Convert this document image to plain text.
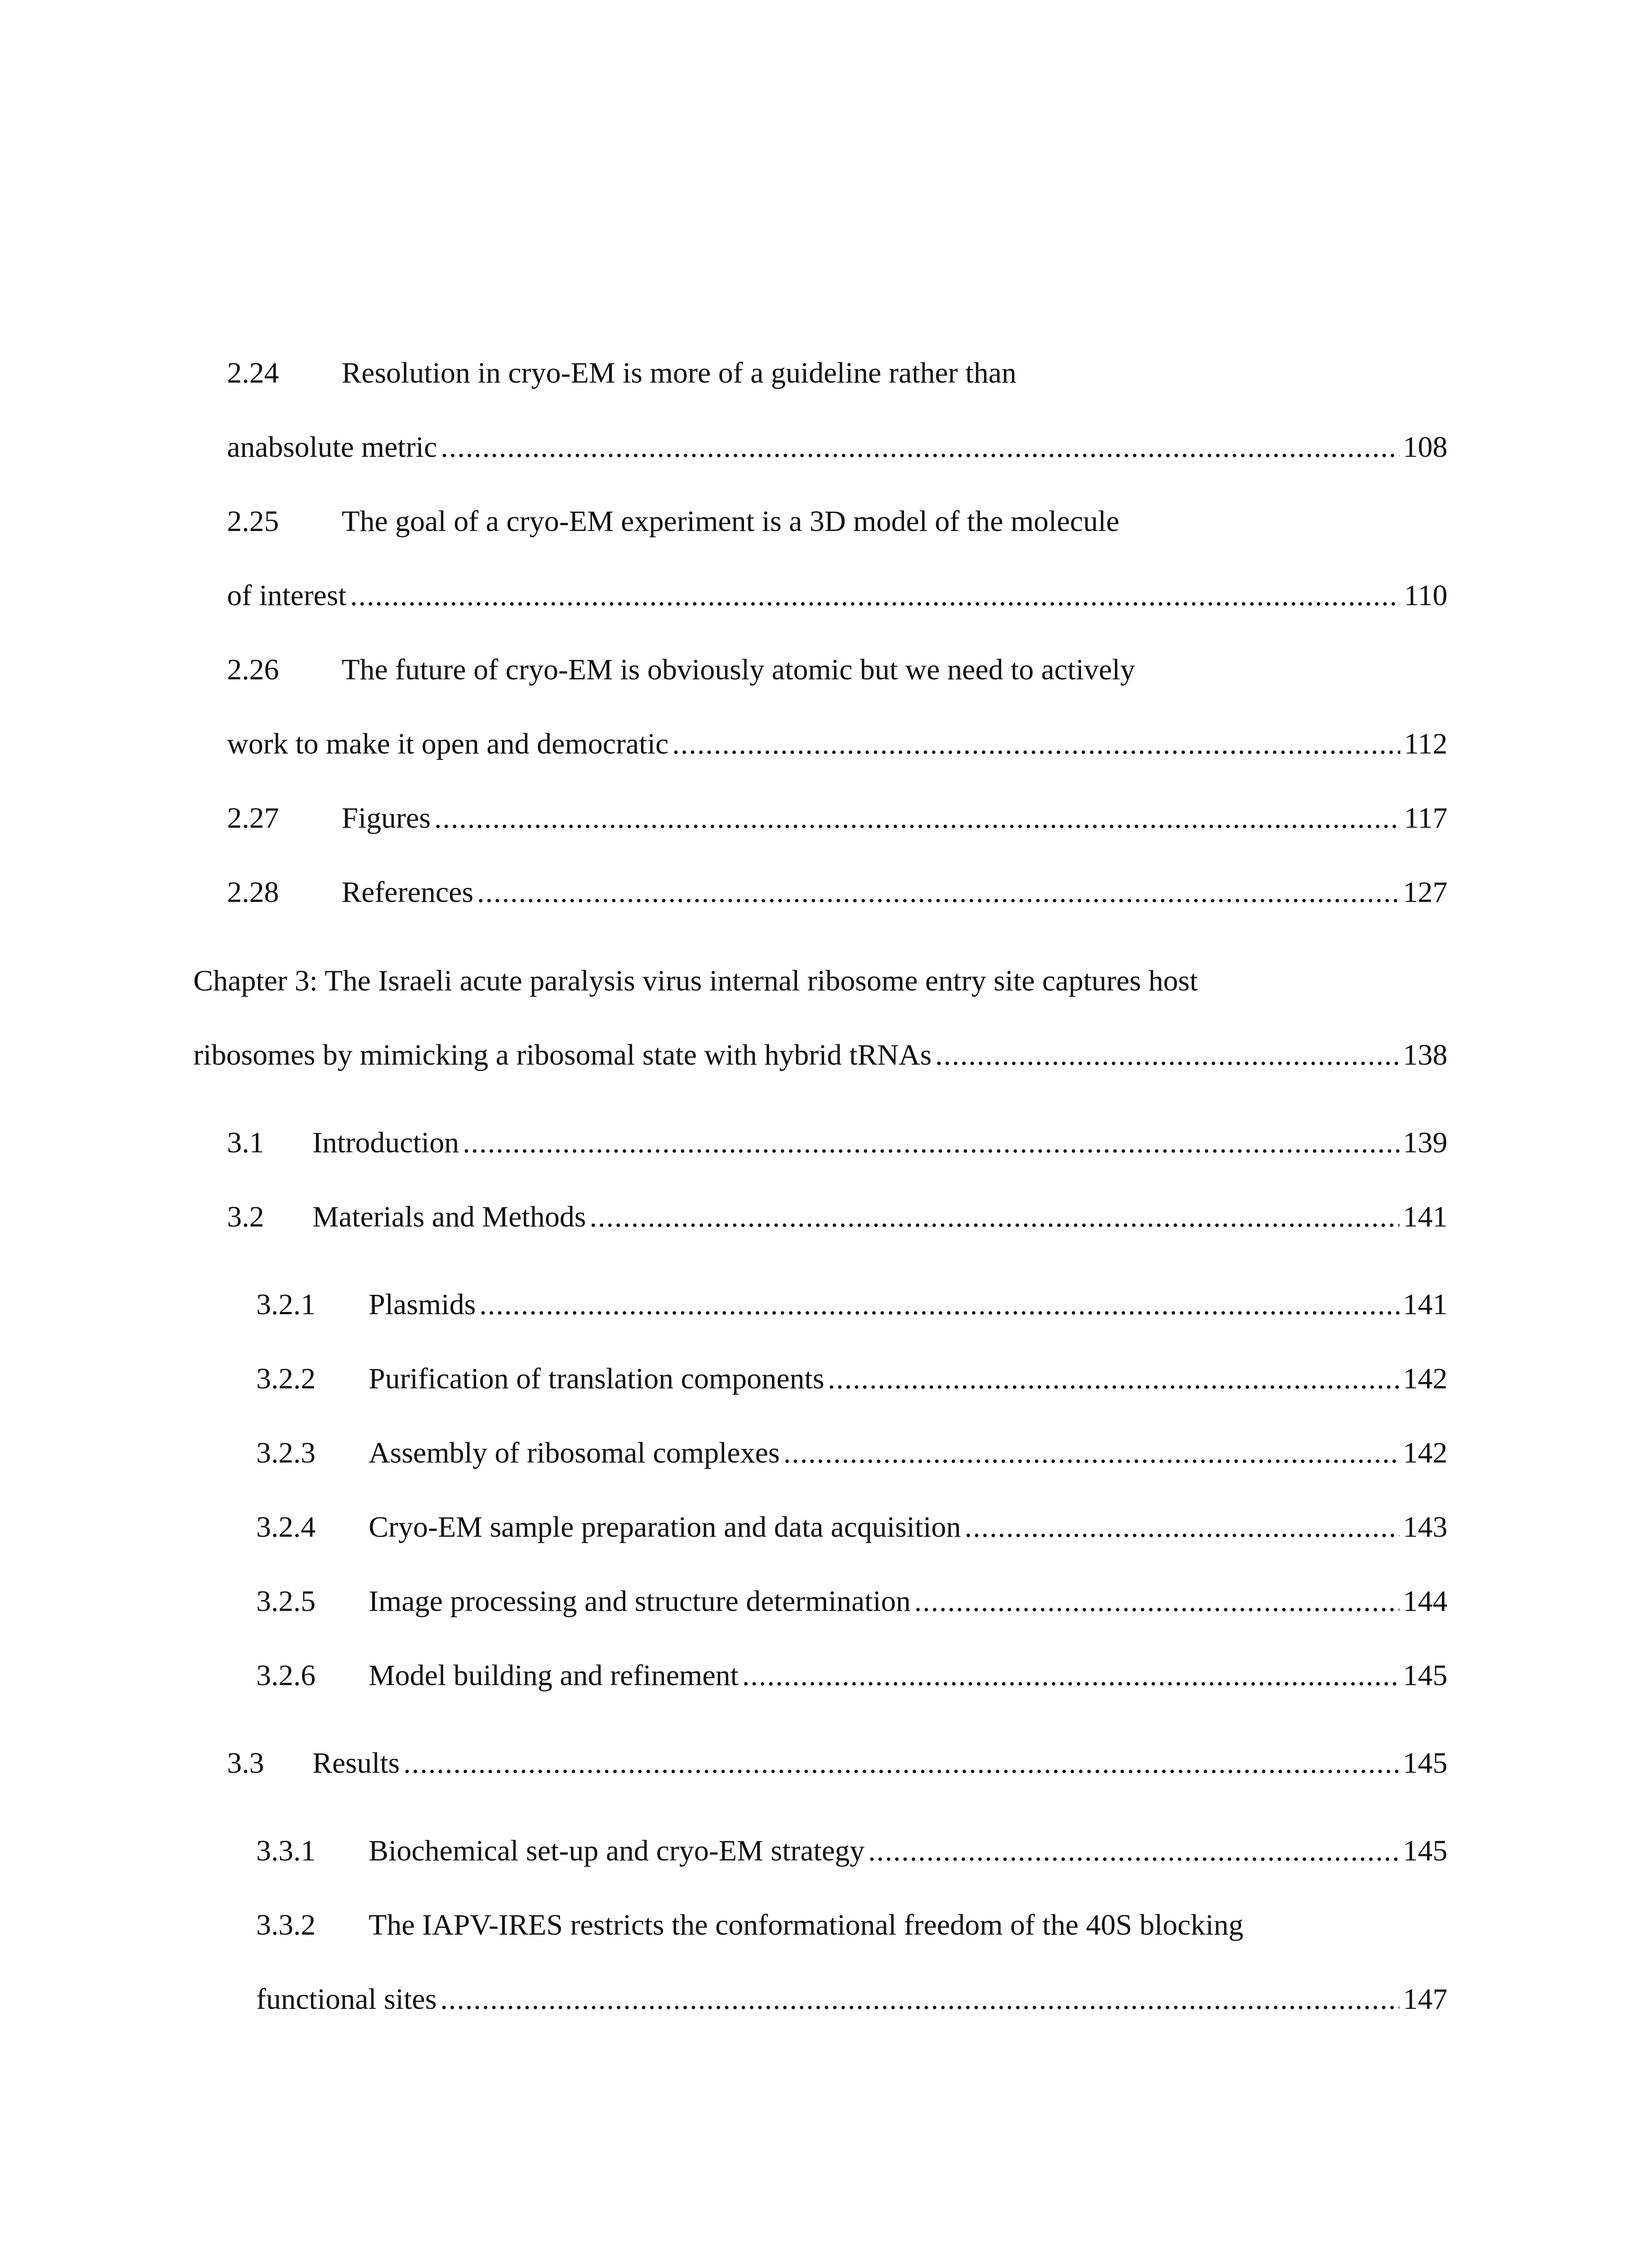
2.24	Resolution in cryo-EM is more of a guideline rather than
anabsolute metric .....	108
2.25	The goal of a cryo-EM experiment is a 3D model of the molecule
of interest .....	110
2.26	The future of cryo-EM is obviously atomic but we need to actively
work to make it open and democratic .....	112
2.27	Figures .....	117
2.28	References .....	127
Chapter 3: The Israeli acute paralysis virus internal ribosome entry site captures host
ribosomes by mimicking a ribosomal state with hybrid tRNAs .....	138
3.1	Introduction .....	139
3.2	Materials and Methods .....	141
3.2.1	Plasmids .....	141
3.2.2	Purification of translation components .....	142
3.2.3	Assembly of ribosomal complexes .....	142
3.2.4	Cryo-EM sample preparation and data acquisition .....	143
3.2.5	Image processing and structure determination .....	144
3.2.6	Model building and refinement .....	145
3.3	Results .....	145
3.3.1	Biochemical set-up and cryo-EM strategy .....	145
3.3.2	The IAPV-IRES restricts the conformational freedom of the 40S blocking
functional sites .....	147
